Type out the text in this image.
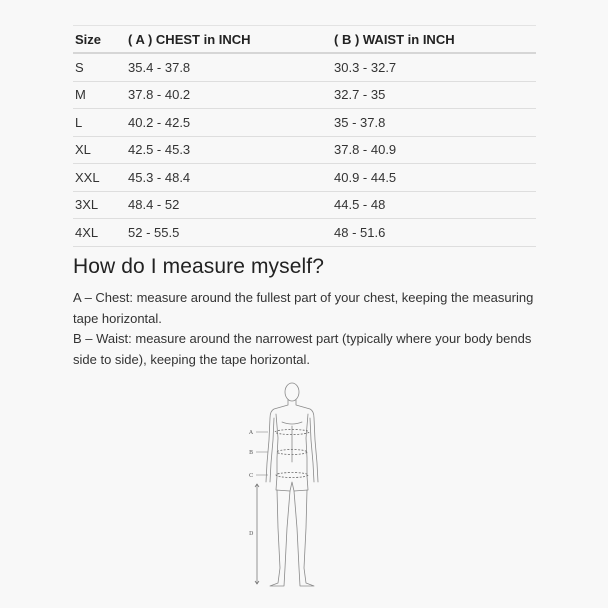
Size	( A ) CHEST in INCH	( B ) WAIST in INCH
S	35.4 - 37.8	30.3 - 32.7
M	37.8 - 40.2	32.7 - 35
L	40.2 - 42.5	35 - 37.8
XL	42.5 - 45.3	37.8 - 40.9
XXL	45.3 - 48.4	40.9 - 44.5
3XL	48.4 - 52	44.5 - 48
4XL	52 - 55.5	48 - 51.6
How do I measure myself?

A – Chest: measure around the fullest part of your chest, keeping the measuring tape horizontal.

B – Waist: measure around the narrowest part (typically where your body bends side to side), keeping the tape horizontal.

A
B
C
D
